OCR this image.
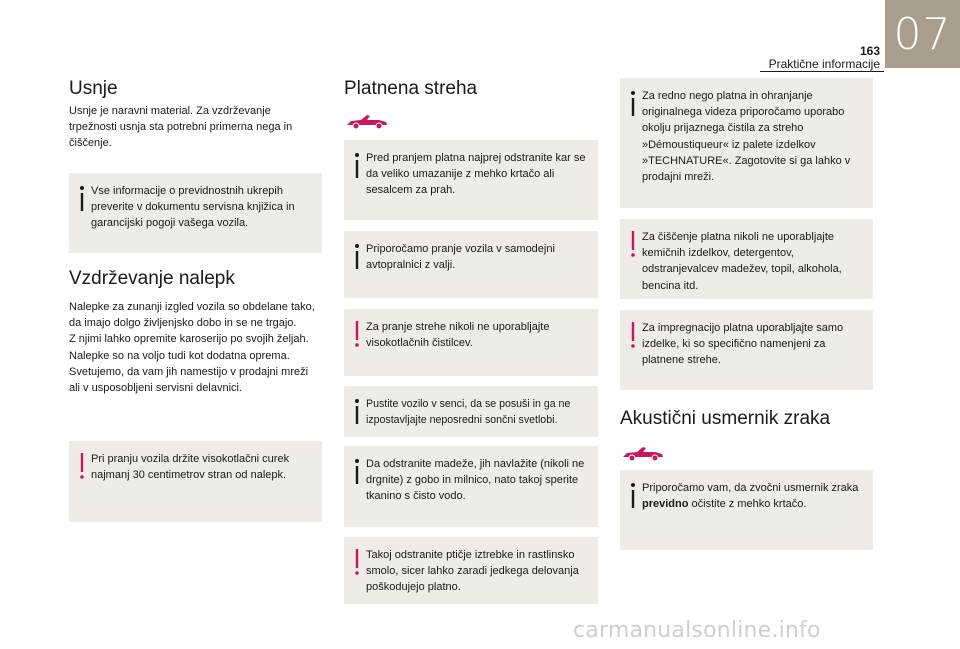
07
163
Praktične informacije
Usnje

Usnje je naravni material. Za vzdrževanje trpežnosti usnja sta potrebni primerna nega in čiščenje.

Vse informacije o previdnostnih ukrepih preverite v dokumentu servisna knjižica in garancijski pogoji vašega vozila.
Vzdrževanje nalepk

Nalepke za zunanji izgled vozila so obdelane tako, da imajo dolgo življenjsko dobo in se ne trgajo.
Z njimi lahko opremite karoserijo po svojih željah.
Nalepke so na voljo tudi kot dodatna oprema. Svetujemo, da vam jih namestijo v prodajni mreži ali v usposobljeni servisni delavnici.

Pri pranju vozila držite visokotlačni curek najmanj 30 centimetrov stran od nalepk.
Platnena streha
Pred pranjem platna najprej odstranite kar se da veliko umazanije z mehko krtačo ali sesalcem za prah.
Priporočamo pranje vozila v samodejni avtopralnici z valji.
Za pranje strehe nikoli ne uporabljajte visokotlačnih čistilcev.
Pustite vozilo v senci, da se posuši in ga ne izpostavljajte neposredni sončni svetlobi.
Da odstranite madeže, jih navlažite (nikoli ne drgnite) z gobo in milnico, nato takoj sperite tkanino s čisto vodo.
Takoj odstranite ptičje iztrebke in rastlinsko smolo, sicer lahko zaradi jedkega delovanja poškodujejo platno.
Za redno nego platna in ohranjanje originalnega videza priporočamo uporabo okolju prijaznega čistila za streho »Démoustiqueur« iz palete izdelkov »TECHNATURE«. Zagotovite si ga lahko v prodajni mreži.
Za čiščenje platna nikoli ne uporabljajte kemičnih izdelkov, detergentov, odstranjevalcev madežev, topil, alkohola, bencina itd.
Za impregnacijo platna uporabljajte samo izdelke, ki so specifično namenjeni za platnene strehe.
Akustični usmernik zraka
Priporočamo vam, da zvočni usmernik zraka previdno očistite z mehko krtačo.
carmanualsonline.info
